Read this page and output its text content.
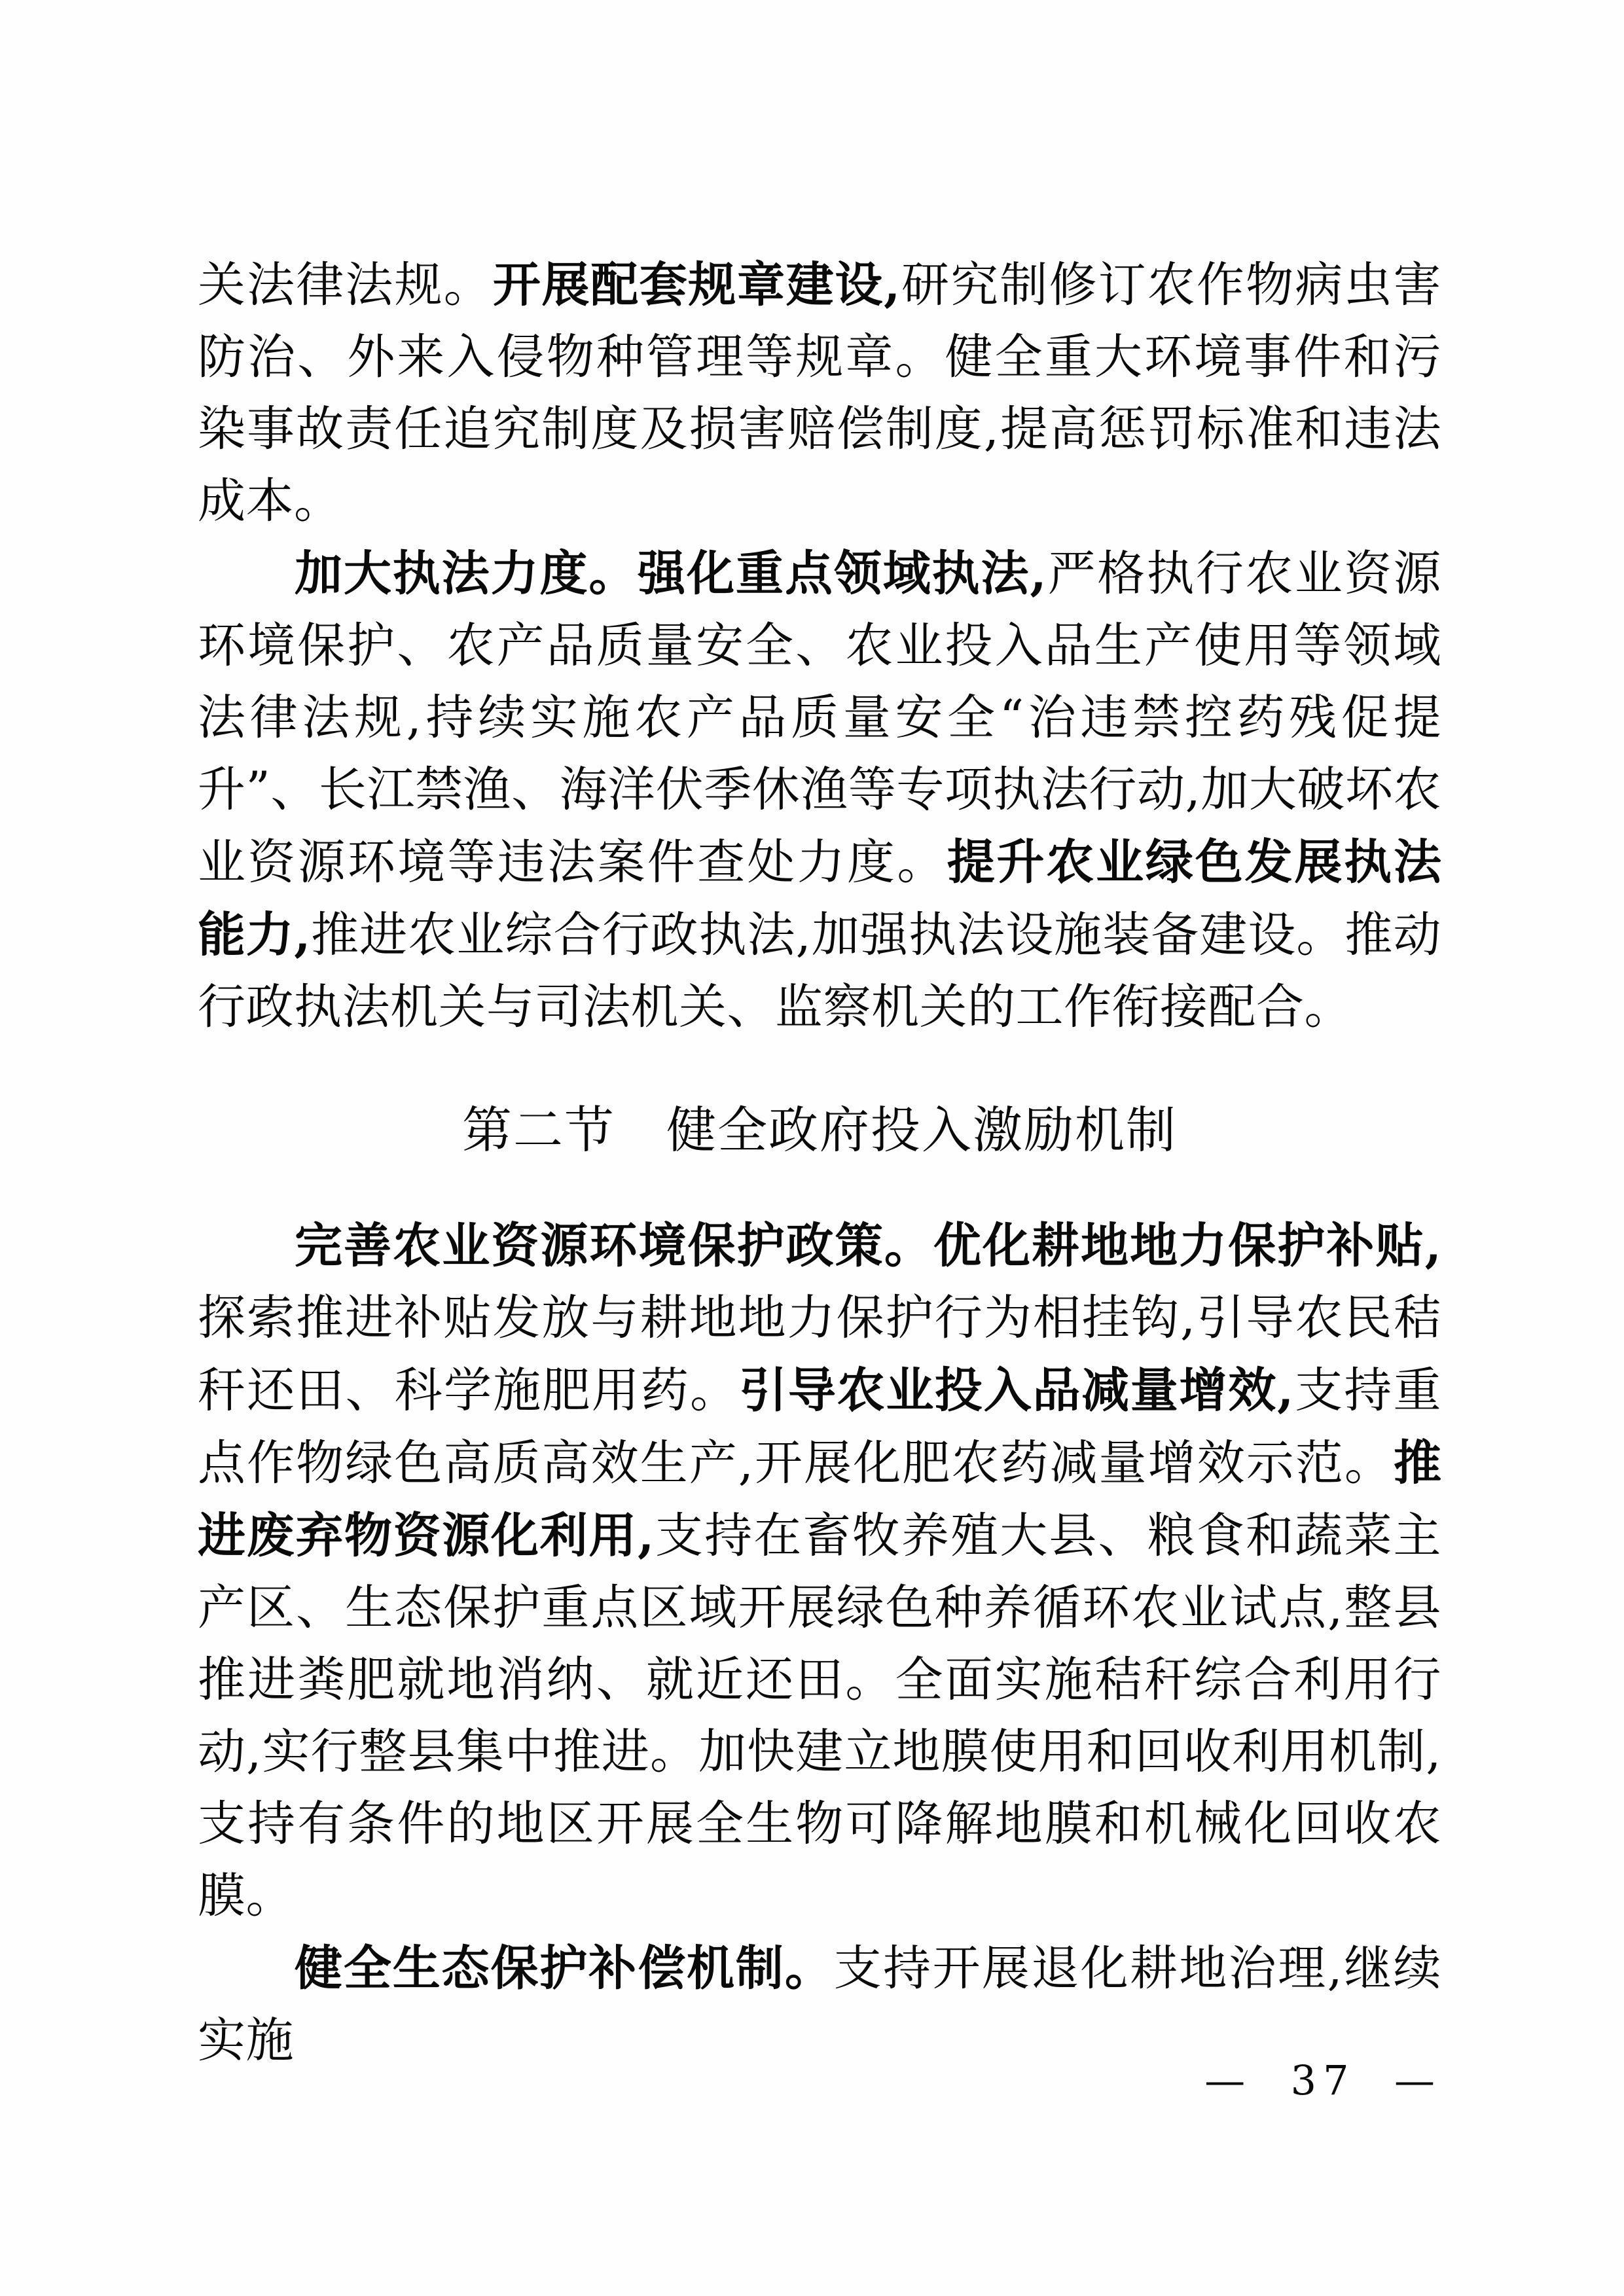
关法律法规。开展配套规章建设,研究制修订农作物病虫害防治、外来入侵物种管理等规章。健全重大环境事件和污染事故责任追究制度及损害赔偿制度,提高惩罚标准和违法成本。
加大执法力度。强化重点领域执法,严格执行农业资源环境保护、农产品质量安全、农业投入品生产使用等领域法律法规,持续实施农产品质量安全“治违禁控药残促提升”、长江禁渔、海洋伏季休渔等专项执法行动,加大破坏农业资源环境等违法案件查处力度。提升农业绿色发展执法能力,推进农业综合行政执法,加强执法设施装备建设。推动行政执法机关与司法机关、监察机关的工作衔接配合。
第二节　健全政府投入激励机制
完善农业资源环境保护政策。优化耕地地力保护补贴,探索推进补贴发放与耕地地力保护行为相挂钩,引导农民秸秆还田、科学施肥用药。引导农业投入品减量增效,支持重点作物绿色高质高效生产,开展化肥农药减量增效示范。推进废弃物资源化利用,支持在畜牧养殖大县、粮食和蔬菜主产区、生态保护重点区域开展绿色种养循环农业试点,整县推进粪肥就地消纳、就近还田。全面实施秸秆综合利用行动,实行整县集中推进。加快建立地膜使用和回收利用机制,支持有条件的地区开展全生物可降解地膜和机械化回收农膜。
健全生态保护补偿机制。支持开展退化耕地治理,继续实施
—  37  —
